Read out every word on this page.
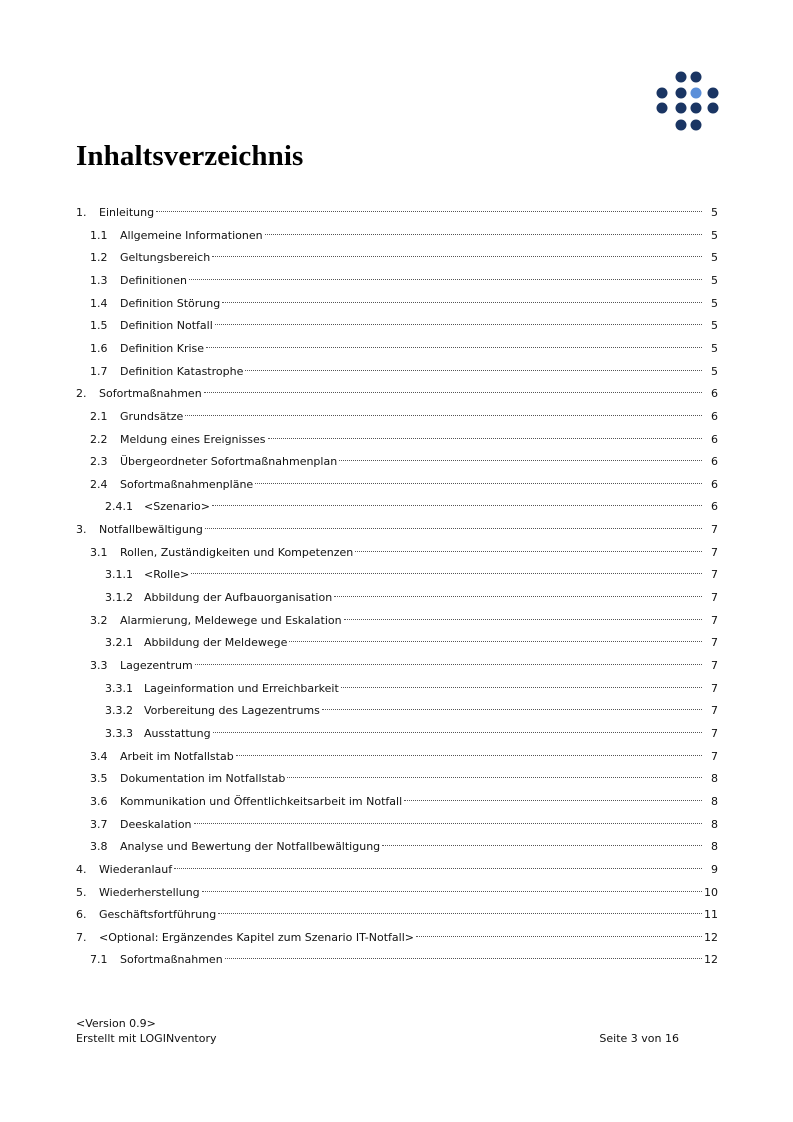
Inhaltsverzeichnis
1. Einleitung	5
1.1 Allgemeine Informationen	5
1.2 Geltungsbereich	5
1.3 Definitionen	5
1.4 Definition Störung	5
1.5 Definition Notfall	5
1.6 Definition Krise	5
1.7 Definition Katastrophe	5
2. Sofortmaßnahmen	6
2.1 Grundsätze	6
2.2 Meldung eines Ereignisses	6
2.3 Übergeordneter Sofortmaßnahmenplan	6
2.4 Sofortmaßnahmenpläne	6
2.4.1 <Szenario>	6
3. Notfallbewältigung	7
3.1 Rollen, Zuständigkeiten und Kompetenzen	7
3.1.1 <Rolle>	7
3.1.2 Abbildung der Aufbauorganisation	7
3.2 Alarmierung, Meldewege und Eskalation	7
3.2.1 Abbildung der Meldewege	7
3.3 Lagezentrum	7
3.3.1 Lageinformation und Erreichbarkeit	7
3.3.2 Vorbereitung des Lagezentrums	7
3.3.3 Ausstattung	7
3.4 Arbeit im Notfallstab	7
3.5 Dokumentation im Notfallstab	8
3.6 Kommunikation und Öffentlichkeitsarbeit im Notfall	8
3.7 Deeskalation	8
3.8 Analyse und Bewertung der Notfallbewältigung	8
4. Wiederanlauf	9
5. Wiederherstellung	10
6. Geschäftsfortführung	11
7. <Optional: Ergänzendes Kapitel zum Szenario IT-Notfall>	12
7.1 Sofortmaßnahmen	12
<Version 0.9>
Erstellt mit LOGINventory	Seite 3 von 16
